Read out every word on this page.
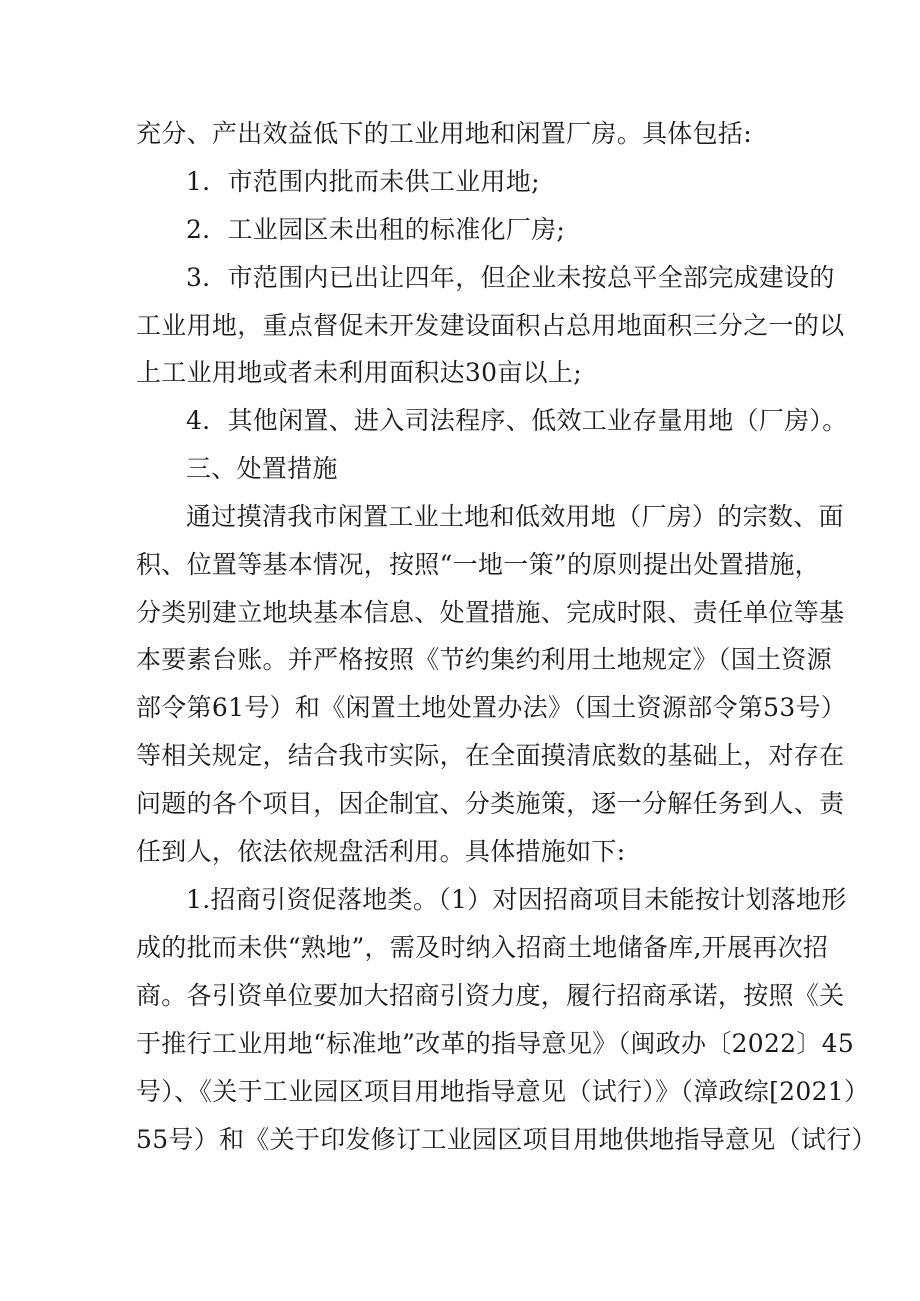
充分、产出效益低下的工业用地和闲置厂房。具体包括:
1．市范围内批而未供工业用地;
2．工业园区未出租的标准化厂房;
3．市范围内已出让四年，但企业未按总平全部完成建设的
工业用地，重点督促未开发建设面积占总用地面积三分之一的以
上工业用地或者未利用面积达30亩以上;
4．其他闲置、进入司法程序、低效工业存量用地（厂房）。
三、处置措施
通过摸清我市闲置工业土地和低效用地（厂房）的宗数、面
积、位置等基本情况，按照“一地一策”的原则提出处置措施，
分类别建立地块基本信息、处置措施、完成时限、责任单位等基
本要素台账。并严格按照《节约集约利用土地规定》（国土资源
部令第61号）和《闲置土地处置办法》（国土资源部令第53号）
等相关规定，结合我市实际，在全面摸清底数的基础上，对存在
问题的各个项目，因企制宜、分类施策，逐一分解任务到人、责
任到人，依法依规盘活利用。具体措施如下:
1.招商引资促落地类。（1）对因招商项目未能按计划落地形
成的批而未供“熟地”，需及时纳入招商土地储备库,开展再次招
商。各引资单位要加大招商引资力度，履行招商承诺，按照《关
于推行工业用地“标准地”改革的指导意见》（闽政办〔2022〕45
号）、《关于工业园区项目用地指导意见（试行）》（漳政综[2021）
55号）和《关于印发修订工业园区项目用地供地指导意见（试行）
